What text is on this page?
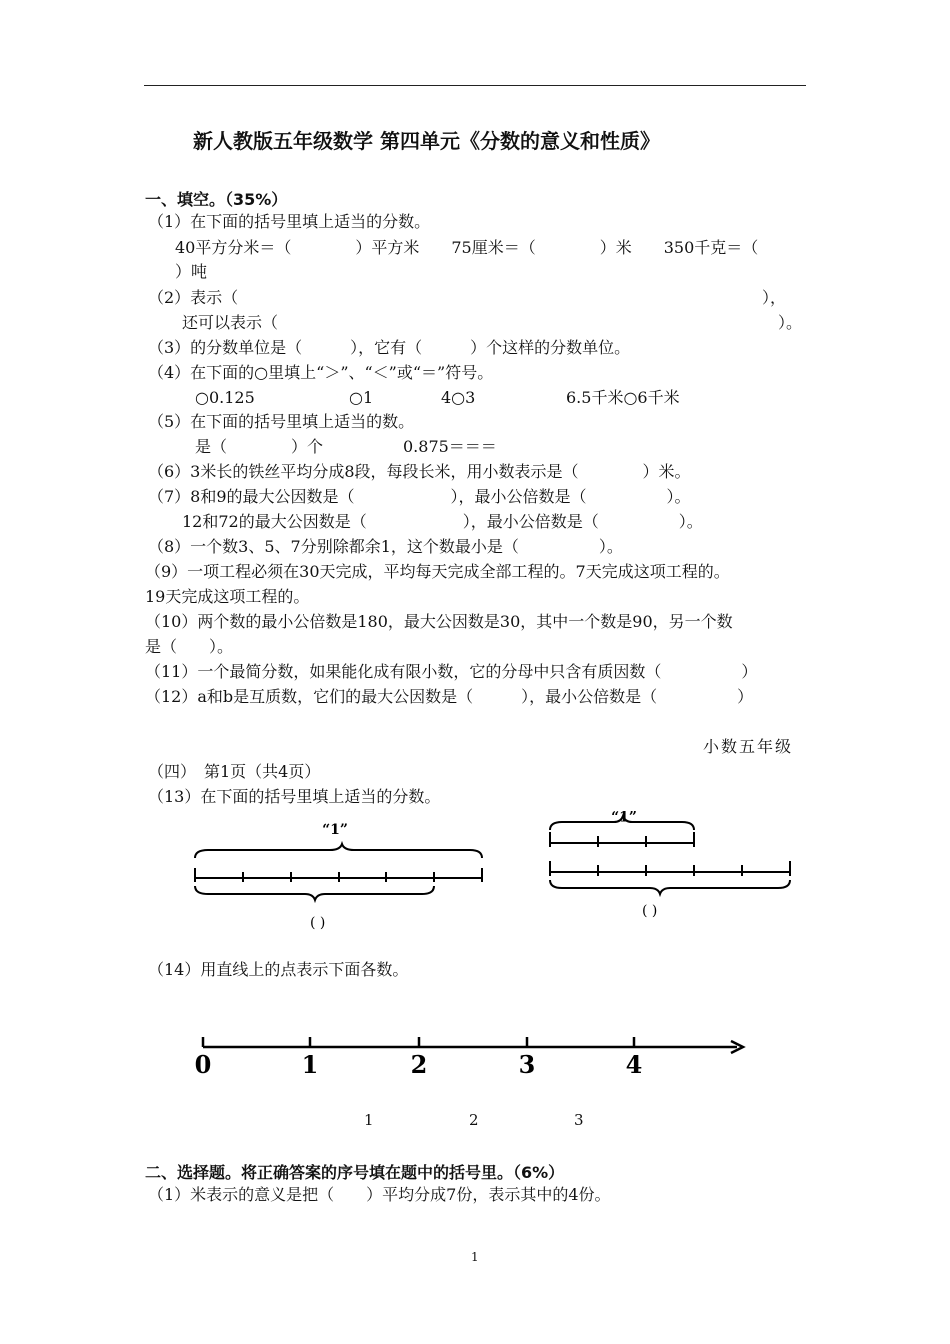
新人教版五年级数学 第四单元《分数的意义和性质》
一、填空。（35%）
（1）在下面的括号里填上适当的分数。
40平方分米＝（　　　　）平方米　　75厘米＝（　　　　）米　　350千克＝（
）吨
（2）表示（	），
还可以表示（	）。
（3）的分数单位是（　　　），它有（　　　）个这样的分数单位。
（4）在下面的○里填上“＞”、“＜”或“＝”符号。
○0.125	○1	4○3	6.5千米○6千米
（5）在下面的括号里填上适当的数。
是（　　　　）个	0.875＝＝＝
（6）3米长的铁丝平均分成8段，每段长米，用小数表示是（　　　　）米。
（7）8和9的最大公因数是（　　　　　　），最小公倍数是（　　　　　）。
12和72的最大公因数是（　　　　　　），最小公倍数是（　　　　　）。
（8）一个数3、5、7分别除都余1，这个数最小是（　　　　　）。
（9）一项工程必须在30天完成，平均每天完成全部工程的。7天完成这项工程的。
19天完成这项工程的。
（10）两个数的最小公倍数是180，最大公因数是30，其中一个数是90，另一个数
是（　　）。
（11）一个最简分数，如果能化成有限小数，它的分母中只含有质因数（　　　　　）
（12）a和b是互质数，它们的最大公因数是（　　　），最小公倍数是（　　　　　）
小数五年级
（四）　第1页（共4页）
（13）在下面的括号里填上适当的分数。
“1”
( )
“1”
( )
（14）用直线上的点表示下面各数。
0	1	2	3	4
1	2	3
二、选择题。将正确答案的序号填在题中的括号里。（6%）
（1）米表示的意义是把（　　）平均分成7份，表示其中的4份。
1
